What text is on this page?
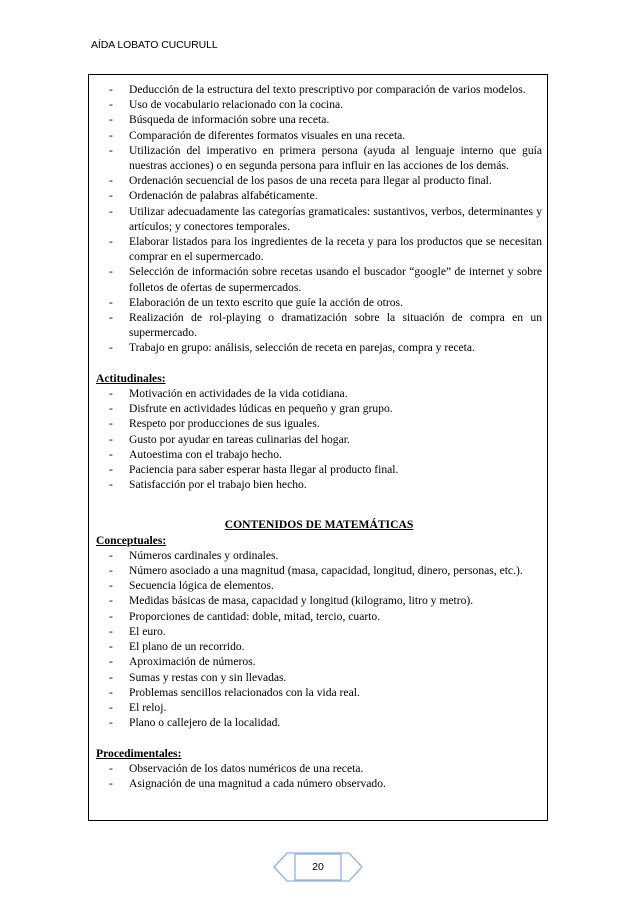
AÍDA LOBATO CUCURULL
- Deducción de la estructura del texto prescriptivo por comparación de varios modelos.
- Uso de vocabulario relacionado con la cocina.
- Búsqueda de información sobre una receta.
- Comparación de diferentes formatos visuales en una receta.
- Utilización del imperativo en primera persona (ayuda al lenguaje interno que guía nuestras acciones) o en segunda persona para influir en las acciones de los demás.
- Ordenación secuencial de los pasos de una receta para llegar al producto final.
- Ordenación de palabras alfabéticamente.
- Utilizar adecuadamente las categorías gramaticales: sustantivos, verbos, determinantes y artículos; y conectores temporales.
- Elaborar listados para los ingredientes de la receta y para los productos que se necesitan comprar en el supermercado.
- Selección de información sobre recetas usando el buscador “google” de internet y sobre folletos de ofertas de supermercados.
- Elaboración de un texto escrito que guíe la acción de otros.
- Realización de rol-playing o dramatización sobre la situación de compra en un supermercado.
- Trabajo en grupo: análisis, selección de receta en parejas, compra y receta.
Actitudinales:
- Motivación en actividades de la vida cotidiana.
- Disfrute en actividades lúdicas en pequeño y gran grupo.
- Respeto por producciones de sus iguales.
- Gusto por ayudar en tareas culinarias del hogar.
- Autoestima con el trabajo hecho.
- Paciencia para saber esperar hasta llegar al producto final.
- Satisfacción por el trabajo bien hecho.
CONTENIDOS DE MATEMÁTICAS
Conceptuales:
- Números cardinales y ordinales.
- Número asociado a una magnitud (masa, capacidad, longitud, dinero, personas, etc.).
- Secuencia lógica de elementos.
- Medidas básicas de masa, capacidad y longitud (kilogramo, litro y metro).
- Proporciones de cantidad: doble, mitad, tercio, cuarto.
- El euro.
- El plano de un recorrido.
- Aproximación de números.
- Sumas y restas con y sin llevadas.
- Problemas sencillos relacionados con la vida real.
- El reloj.
- Plano o callejero de la localidad.
Procedimentales:
- Observación de los datos numéricos de una receta.
- Asignación de una magnitud a cada número observado.
20
